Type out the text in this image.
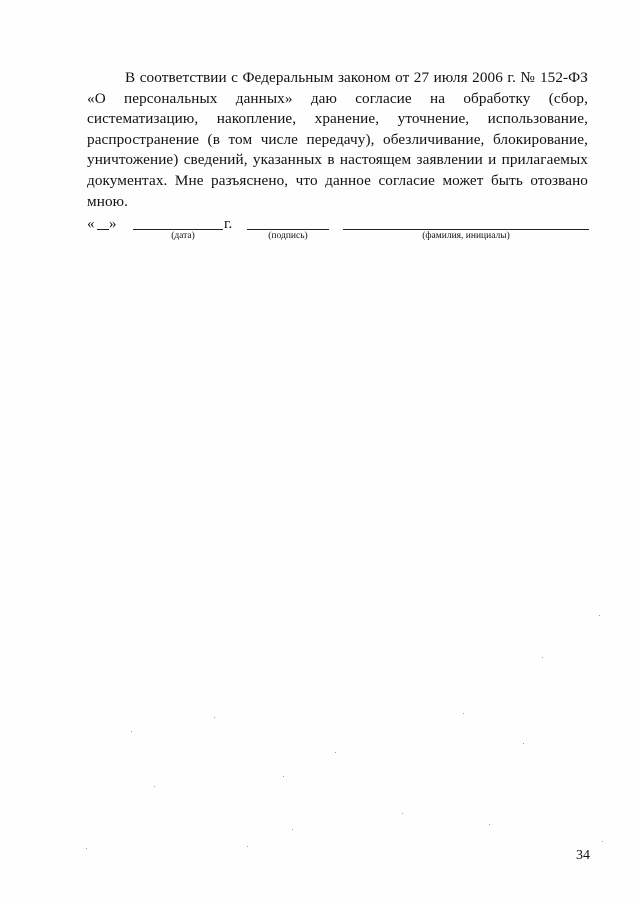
В соответствии с Федеральным законом от 27 июля 2006 г. № 152-ФЗ «О персональных данных» даю согласие на обработку (сбор, систематизацию, накопление, хранение, уточнение, использование, распространение (в том числе передачу), обезличивание, блокирование, уничтожение) сведений, указанных в настоящем заявлении и прилагаемых документах. Мне разъяснено, что данное согласие может быть отозвано мною.

« »	г.
(дата)	(подпись)	(фамилия, инициалы)
34
